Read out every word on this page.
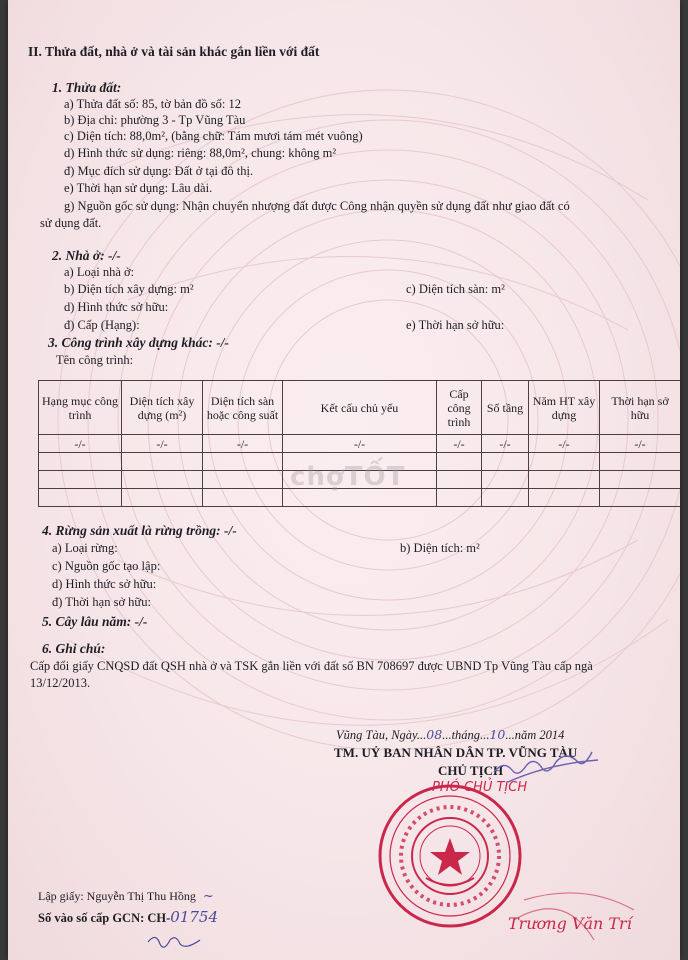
II. Thửa đất, nhà ở và tài sản khác gắn liền với đất
1. Thửa đất:
a) Thửa đất số: 85, tờ bản đồ số: 12
b) Địa chỉ: phường 3 - Tp Vũng Tàu
c) Diện tích: 88,0m², (bằng chữ: Tám mươi tám mét vuông)
d) Hình thức sử dụng: riêng: 88,0m², chung: không m²
đ) Mục đích sử dụng: Đất ở tại đô thị.
e) Thời hạn sử dụng: Lâu dài.
g) Nguồn gốc sử dụng: Nhận chuyển nhượng đất được Công nhận quyền sử dụng đất như giao đất có
sử dụng đất.
2. Nhà ở: -/-
a) Loại nhà ở:
b) Diện tích xây dựng: m²	c) Diện tích sàn: m²
d) Hình thức sở hữu:
đ) Cấp (Hạng):	e) Thời hạn sở hữu:
3. Công trình xây dựng khác: -/-
Tên công trình:
Hạng mục công trình	Diện tích xây dựng (m²)	Diện tích sàn hoặc công suất	Kết cấu chủ yếu	Cấp công trình	Số tầng	Năm HT xây dựng	Thời hạn sở hữu
-/-	-/-	-/-	-/-	-/-	-/-	-/-	-/-

chợTỐT
4. Rừng sản xuất là rừng trồng: -/-
a) Loại rừng:	b) Diện tích: m²
c) Nguồn gốc tạo lập:
d) Hình thức sở hữu:
đ) Thời hạn sở hữu:
5. Cây lâu năm: -/-
6. Ghi chú:
Cấp đổi giấy CNQSD đất QSH nhà ở và TSK gắn liền với đất số BN 708697 được UBND Tp Vũng Tàu cấp ngà
13/12/2013.
Vũng Tàu, Ngày...08...tháng...10...năm 2014
TM. UỶ BAN NHÂN DÂN TP. VŨNG TÀU
CHỦ TỊCH
PHÓ CHỦ TỊCH
Trương Văn Trí
Lập giấy: Nguyễn Thị Thu Hồng ~
Số vào số cấp GCN: CH-01754
